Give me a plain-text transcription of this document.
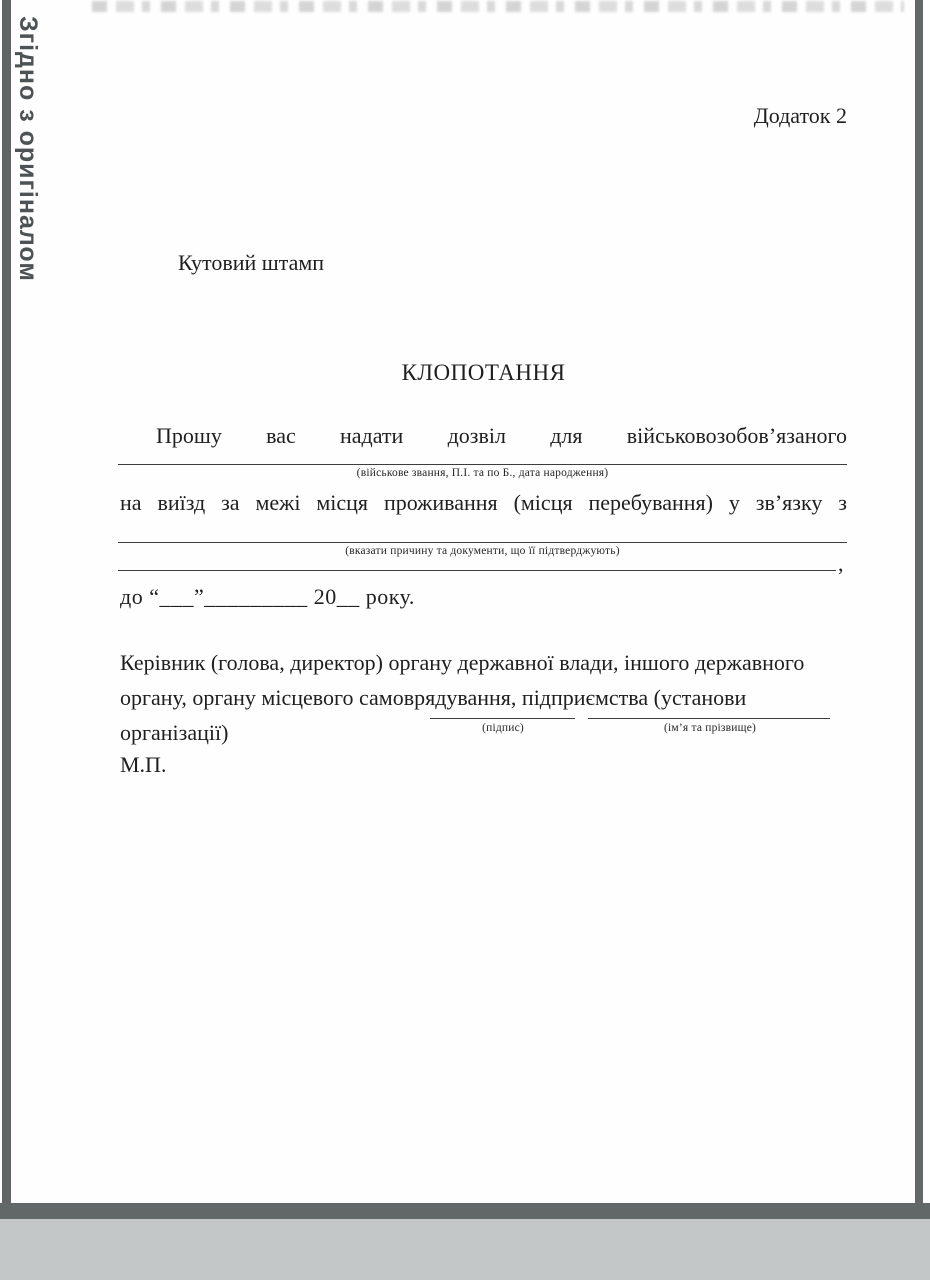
Згідно з оригіналом	Додаток 2
Кутовий штамп
КЛОПОТАННЯ
Прошу вас надати дозвіл для військовозобов’язаного
(військове звання, П.І. та по Б., дата народження)
на виїзд за межі місця проживання (місця перебування) у зв’язку з
(вказати причину та документи, що її підтверджують)	,
до “___”_________ 20__ року.
Керівник (голова, директор) органу державної влади, іншого державного
органу, органу місцевого самоврядування, підприємства (установи організації)	(підпис)	(ім’я та прізвище)
М.П.
